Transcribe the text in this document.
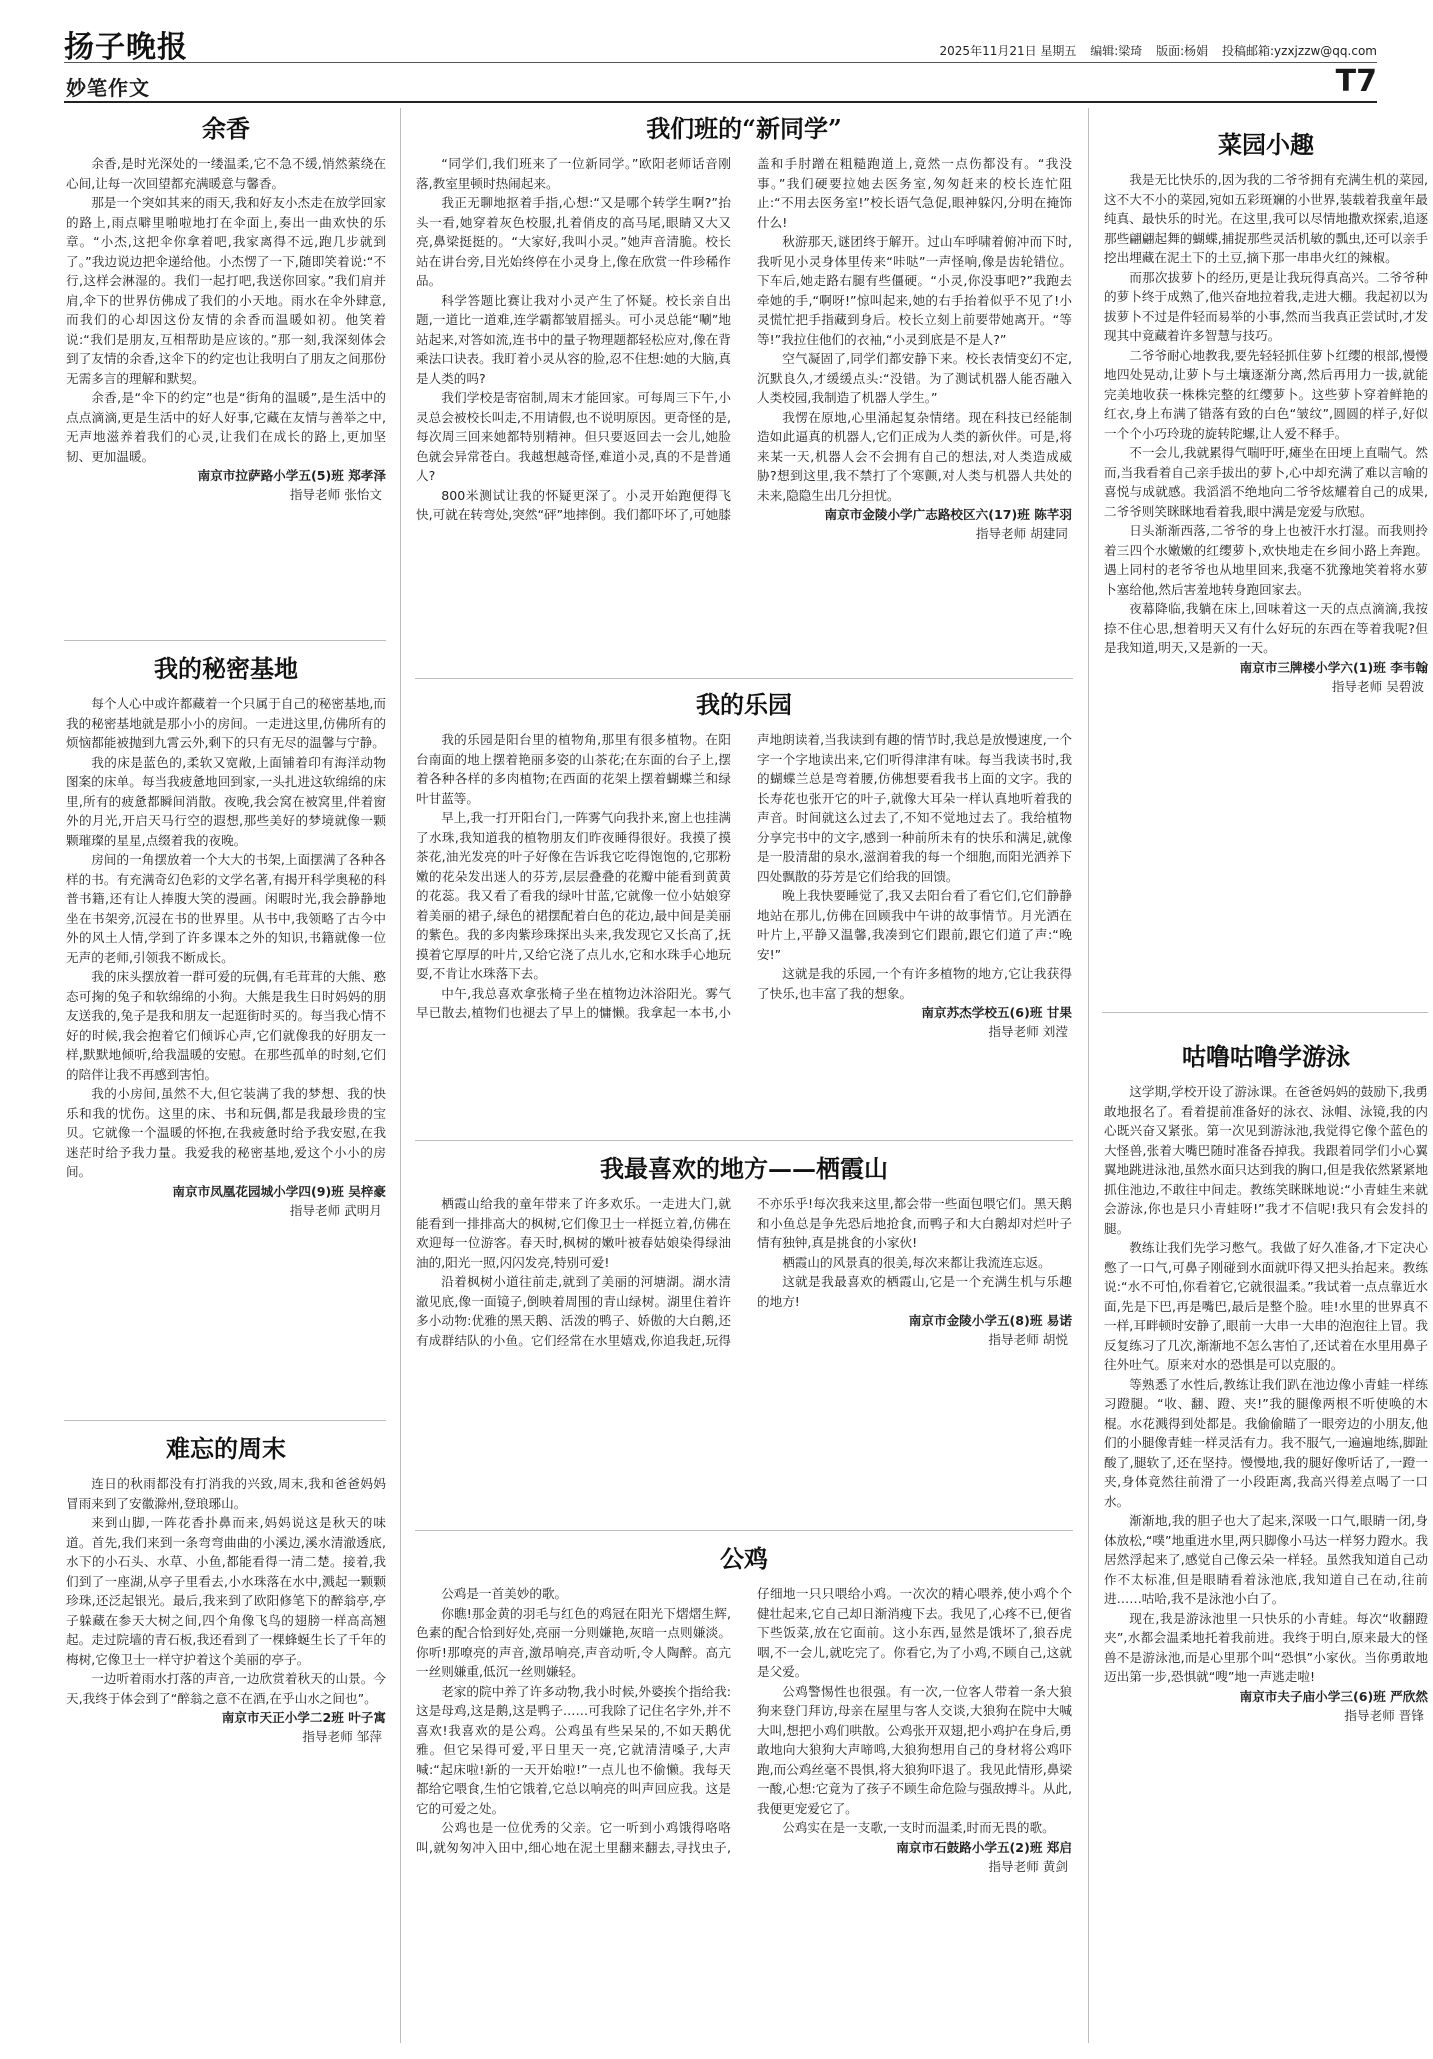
扬子晚报	2025年11月21日 星期五 编辑:梁琦 版面:杨娟 投稿邮箱:yzxjzzw@qq.com
妙笔作文	T7
余香

余香,是时光深处的一缕温柔,它不急不缓,悄然萦绕在心间,让每一次回望都充满暖意与馨香。

那是一个突如其来的雨天,我和好友小杰走在放学回家的路上,雨点噼里啪啦地打在伞面上,奏出一曲欢快的乐章。“小杰,这把伞你拿着吧,我家离得不远,跑几步就到了。”我边说边把伞递给他。小杰愣了一下,随即笑着说:“不行,这样会淋湿的。我们一起打吧,我送你回家。”我们肩并肩,伞下的世界仿佛成了我们的小天地。雨水在伞外肆意,而我们的心却因这份友情的余香而温暖如初。他笑着说:“我们是朋友,互相帮助是应该的。”那一刻,我深刻体会到了友情的余香,这伞下的约定也让我明白了朋友之间那份无需多言的理解和默契。

余香,是“伞下的约定”也是“街角的温暖”,是生活中的点点滴滴,更是生活中的好人好事,它藏在友情与善举之中,无声地滋养着我们的心灵,让我们在成长的路上,更加坚韧、更加温暖。

南京市拉萨路小学五(5)班 郑孝泽
指导老师 张怡文
我的秘密基地

每个人心中或许都藏着一个只属于自己的秘密基地,而我的秘密基地就是那小小的房间。一走进这里,仿佛所有的烦恼都能被抛到九霄云外,剩下的只有无尽的温馨与宁静。

我的床是蓝色的,柔软又宽敞,上面铺着印有海洋动物图案的床单。每当我疲惫地回到家,一头扎进这软绵绵的床里,所有的疲惫都瞬间消散。夜晚,我会窝在被窝里,伴着窗外的月光,开启天马行空的遐想,那些美好的梦境就像一颗颗璀璨的星星,点缀着我的夜晚。

房间的一角摆放着一个大大的书架,上面摆满了各种各样的书。有充满奇幻色彩的文学名著,有揭开科学奥秘的科普书籍,还有让人捧腹大笑的漫画。闲暇时光,我会静静地坐在书架旁,沉浸在书的世界里。从书中,我领略了古今中外的风土人情,学到了许多课本之外的知识,书籍就像一位无声的老师,引领我不断成长。

我的床头摆放着一群可爱的玩偶,有毛茸茸的大熊、憨态可掬的兔子和软绵绵的小狗。大熊是我生日时妈妈的朋友送我的,兔子是我和朋友一起逛街时买的。每当我心情不好的时候,我会抱着它们倾诉心声,它们就像我的好朋友一样,默默地倾听,给我温暖的安慰。在那些孤单的时刻,它们的陪伴让我不再感到害怕。

我的小房间,虽然不大,但它装满了我的梦想、我的快乐和我的忧伤。这里的床、书和玩偶,都是我最珍贵的宝贝。它就像一个温暖的怀抱,在我疲惫时给予我安慰,在我迷茫时给予我力量。我爱我的秘密基地,爱这个小小的房间。

南京市凤凰花园城小学四(9)班 吴梓豪
指导老师 武明月
难忘的周末

连日的秋雨都没有打消我的兴致,周末,我和爸爸妈妈冒雨来到了安徽滁州,登琅琊山。

来到山脚,一阵花香扑鼻而来,妈妈说这是秋天的味道。首先,我们来到一条弯弯曲曲的小溪边,溪水清澈透底,水下的小石头、水草、小鱼,都能看得一清二楚。接着,我们到了一座湖,从亭子里看去,小水珠落在水中,溅起一颗颗珍珠,还泛起银光。最后,我来到了欧阳修笔下的醉翁亭,亭子躲藏在参天大树之间,四个角像飞鸟的翅膀一样高高翘起。走过院墙的青石板,我还看到了一棵蜂蜒生长了千年的梅树,它像卫士一样守护着这个美丽的亭子。

一边听着雨水打落的声音,一边欣赏着秋天的山景。今天,我终于体会到了“醉翁之意不在酒,在乎山水之间也”。

南京市天正小学二2班 叶子寓
指导老师 邹萍
我们班的“新同学”

“同学们,我们班来了一位新同学。”欧阳老师话音刚落,教室里顿时热闹起来。

我正无聊地抠着手指,心想:“又是哪个转学生啊?”抬头一看,她穿着灰色校服,扎着俏皮的高马尾,眼睛又大又亮,鼻梁挺挺的。“大家好,我叫小灵。”她声音清脆。校长站在讲台旁,目光始终停在小灵身上,像在欣赏一件珍稀作品。

科学答题比赛让我对小灵产生了怀疑。校长亲自出题,一道比一道难,连学霸都皱眉摇头。可小灵总能“唰”地站起来,对答如流,连书中的量子物理题都轻松应对,像在背乘法口诀表。我盯着小灵从容的脸,忍不住想:她的大脑,真是人类的吗?

我们学校是寄宿制,周末才能回家。可每周三下午,小灵总会被校长叫走,不用请假,也不说明原因。更奇怪的是,每次周三回来她都特别精神。但只要返回去一会儿,她脸色就会异常苍白。我越想越奇怪,难道小灵,真的不是普通人?

800米测试让我的怀疑更深了。小灵开始跑便得飞快,可就在转弯处,突然“砰”地摔倒。我们都吓坏了,可她膝盖和手肘蹭在粗糙跑道上,竟然一点伤都没有。“我没事。”我们硬要拉她去医务室,匆匆赶来的校长连忙阻止:“不用去医务室!”校长语气急促,眼神躲闪,分明在掩饰什么!

秋游那天,谜团终于解开。过山车呼啸着俯冲而下时,我听见小灵身体里传来“咔哒”一声怪响,像是齿轮错位。下车后,她走路右腿有些僵硬。“小灵,你没事吧?”我跑去牵她的手,“啊呀!”惊叫起来,她的右手抬着似乎不见了!小灵慌忙把手指藏到身后。校长立刻上前要带她离开。“等等!”我拉住他们的衣袖,“小灵到底是不是人?”

空气凝固了,同学们都安静下来。校长表情变幻不定,沉默良久,才缓缓点头:“没错。为了测试机器人能否融入人类校园,我制造了机器人学生。”

我愣在原地,心里涌起复杂情绪。现在科技已经能制造如此逼真的机器人,它们正成为人类的新伙伴。可是,将来某一天,机器人会不会拥有自己的想法,对人类造成威胁?想到这里,我不禁打了个寒颤,对人类与机器人共处的未来,隐隐生出几分担忧。

南京市金陵小学广志路校区六(17)班 陈芊羽
指导老师 胡建同
我的乐园

我的乐园是阳台里的植物角,那里有很多植物。在阳台南面的地上摆着艳丽多姿的山茶花;在东面的台子上,摆着各种各样的多肉植物;在西面的花架上摆着蝴蝶兰和绿叶甘蓝等。

早上,我一打开阳台门,一阵雾气向我扑来,窗上也挂满了水珠,我知道我的植物朋友们昨夜睡得很好。我摸了摸茶花,油光发亮的叶子好像在告诉我它吃得饱饱的,它那粉嫩的花朵发出迷人的芬芳,层层叠叠的花瓣中能看到黄黄的花蕊。我又看了看我的绿叶甘蓝,它就像一位小姑娘穿着美丽的裙子,绿色的裙摆配着白色的花边,最中间是美丽的紫色。我的多肉紫珍珠探出头来,我发现它又长高了,抚摸着它厚厚的叶片,又给它浇了点儿水,它和水珠手心地玩耍,不肯让水珠落下去。

中午,我总喜欢拿张椅子坐在植物边沐浴阳光。雾气早已散去,植物们也褪去了早上的慵懒。我拿起一本书,小声地朗读着,当我读到有趣的情节时,我总是放慢速度,一个字一个字地读出来,它们听得津津有味。每当我读书时,我的蝴蝶兰总是弯着腰,仿佛想要看我书上面的文字。我的长寿花也张开它的叶子,就像大耳朵一样认真地听着我的声音。时间就这么过去了,不知不觉地过去了。我给植物分享完书中的文字,感到一种前所未有的快乐和满足,就像是一股清甜的泉水,滋润着我的每一个细胞,而阳光洒养下四处飘散的芬芳是它们给我的回馈。

晚上我快要睡觉了,我又去阳台看了看它们,它们静静地站在那儿,仿佛在回顾我中午讲的故事情节。月光洒在叶片上,平静又温馨,我凑到它们跟前,跟它们道了声:“晚安!”

这就是我的乐园,一个有许多植物的地方,它让我获得了快乐,也丰富了我的想象。

南京苏杰学校五(6)班 甘果
指导老师 刘滢
我最喜欢的地方——栖霞山

栖霞山给我的童年带来了许多欢乐。一走进大门,就能看到一排排高大的枫树,它们像卫士一样挺立着,仿佛在欢迎每一位游客。春天时,枫树的嫩叶被春姑娘染得绿油油的,阳光一照,闪闪发亮,特别可爱!

沿着枫树小道往前走,就到了美丽的河塘湖。湖水清澈见底,像一面镜子,倒映着周围的青山绿树。湖里住着许多小动物:优雅的黑天鹅、活泼的鸭子、娇傲的大白鹅,还有成群结队的小鱼。它们经常在水里嬉戏,你追我赶,玩得不亦乐乎!每次我来这里,都会带一些面包喂它们。黑天鹅和小鱼总是争先恐后地抢食,而鸭子和大白鹅却对烂叶子情有独钟,真是挑食的小家伙!

栖霞山的风景真的很美,每次来都让我流连忘返。

这就是我最喜欢的栖霞山,它是一个充满生机与乐趣的地方!

南京市金陵小学五(8)班 易诺
指导老师 胡悦
公鸡

公鸡是一首美妙的歌。

你瞧!那金黄的羽毛与红色的鸡冠在阳光下熠熠生辉,色素的配合恰到好处,亮丽一分则嫌艳,灰暗一点则嫌淡。你听!那嘹亮的声音,激昂响亮,声音动听,令人陶醉。高亢一丝则嫌重,低沉一丝则嫌轻。

老家的院中养了许多动物,我小时候,外婆挨个指给我:这是母鸡,这是鹅,这是鸭子……可我除了记住名字外,并不喜欢!我喜欢的是公鸡。公鸡虽有些呆呆的,不如天鹅优雅。但它呆得可爱,平日里天一亮,它就清清嗓子,大声喊:“起床啦!新的一天开始啦!”一点儿也不偷懒。我每天都给它喂食,生怕它饿着,它总以响亮的叫声回应我。这是它的可爱之处。

公鸡也是一位优秀的父亲。它一听到小鸡饿得咯咯叫,就匆匆冲入田中,细心地在泥土里翻来翻去,寻找虫子,仔细地一只只喂给小鸡。一次次的精心喂养,使小鸡个个健壮起来,它自己却日渐消瘦下去。我见了,心疼不已,便省下些饭菜,放在它面前。这小东西,显然是饿坏了,狼吞虎咽,不一会儿,就吃完了。你看它,为了小鸡,不顾自己,这就是父爱。

公鸡警惕性也很强。有一次,一位客人带着一条大狼狗来登门拜访,母亲在屋里与客人交谈,大狼狗在院中大喊大叫,想把小鸡们哄散。公鸡张开双翅,把小鸡护在身后,勇敢地向大狼狗大声啼鸣,大狼狗想用自己的身材将公鸡吓跑,而公鸡丝毫不畏惧,将大狼狗吓退了。我见此情形,鼻梁一酸,心想:它竟为了孩子不顾生命危险与强敌搏斗。从此,我便更宠爱它了。

公鸡实在是一支歌,一支时而温柔,时而无畏的歌。

南京市石鼓路小学五(2)班 郑启
指导老师 黄剑
菜园小趣

我是无比快乐的,因为我的二爷爷拥有充满生机的菜园,这不大不小的菜园,宛如五彩斑斓的小世界,装载着我童年最纯真、最快乐的时光。在这里,我可以尽情地撒欢探索,追逐那些翩翩起舞的蝴蝶,捕捉那些灵活机敏的瓢虫,还可以亲手挖出埋藏在泥土下的土豆,摘下那一串串火红的辣椒。

而那次拔萝卜的经历,更是让我玩得真高兴。二爷爷种的萝卜终于成熟了,他兴奋地拉着我,走进大棚。我起初以为拔萝卜不过是件轻而易举的小事,然而当我真正尝试时,才发现其中竟藏着许多智慧与技巧。

二爷爷耐心地教我,要先轻轻抓住萝卜红缨的根部,慢慢地四处晃动,让萝卜与土壤逐渐分离,然后再用力一拔,就能完美地收获一株株完整的红缨萝卜。这些萝卜穿着鲜艳的红衣,身上布满了错落有致的白色“皱纹”,圆圆的样子,好似一个个小巧玲珑的旋转陀螺,让人爱不释手。

不一会儿,我就累得气喘吁吁,瘫坐在田埂上直喘气。然而,当我看着自己亲手拔出的萝卜,心中却充满了难以言喻的喜悦与成就感。我滔滔不绝地向二爷爷炫耀着自己的成果,二爷爷则笑眯眯地看着我,眼中满是宠爱与欣慰。

日头渐渐西落,二爷爷的身上也被汗水打湿。而我则拎着三四个水嫩嫩的红缨萝卜,欢快地走在乡间小路上奔跑。遇上同村的老爷爷也从地里回来,我毫不犹豫地笑着将水萝卜塞给他,然后害羞地转身跑回家去。

夜幕降临,我躺在床上,回味着这一天的点点滴滴,我按捺不住心思,想着明天又有什么好玩的东西在等着我呢?但是我知道,明天,又是新的一天。

南京市三牌楼小学六(1)班 李韦翰
指导老师 吴碧波
咕噜咕噜学游泳

这学期,学校开设了游泳课。在爸爸妈妈的鼓励下,我勇敢地报名了。看着提前准备好的泳衣、泳帽、泳镜,我的内心既兴奋又紧张。第一次见到游泳池,我觉得它像个蓝色的大怪兽,张着大嘴巴随时准备吞掉我。我跟着同学们小心翼翼地跳进泳池,虽然水面只达到我的胸口,但是我依然紧紧地抓住池边,不敢往中间走。教练笑眯眯地说:“小青蛙生来就会游泳,你也是只小青蛙呀!”我才不信呢!我只有会发抖的腿。

教练让我们先学习憋气。我做了好久准备,才下定决心憋了一口气,可鼻子刚碰到水面就吓得又把头抬起来。教练说:“水不可怕,你看着它,它就很温柔。”我试着一点点靠近水面,先是下巴,再是嘴巴,最后是整个脸。哇!水里的世界真不一样,耳畔顿时安静了,眼前一大串一大串的泡泡往上冒。我反复练习了几次,渐渐地不怎么害怕了,还试着在水里用鼻子往外吐气。原来对水的恐惧是可以克服的。

等熟悉了水性后,教练让我们趴在池边像小青蛙一样练习蹬腿。“收、翻、蹬、夹!”我的腿像两根不听使唤的木棍。水花溅得到处都是。我偷偷瞄了一眼旁边的小朋友,他们的小腿像青蛙一样灵活有力。我不服气,一遍遍地练,脚趾酸了,腿软了,还在坚持。慢慢地,我的腿好像听话了,一蹬一夹,身体竟然往前滑了一小段距离,我高兴得差点喝了一口水。

渐渐地,我的胆子也大了起来,深吸一口气,眼睛一闭,身体放松,“噗”地重进水里,两只脚像小马达一样努力蹬水。我居然浮起来了,感觉自己像云朵一样轻。虽然我知道自己动作不太标准,但是眼睛看着泳池底,我知道自己在动,往前进……咕哈,我不是泳池小白了。

现在,我是游泳池里一只快乐的小青蛙。每次“收翻蹬夹”,水都会温柔地托着我前进。我终于明白,原来最大的怪兽不是游泳池,而是心里那个叫“恐惧”小家伙。当你勇敢地迈出第一步,恐惧就“嗖”地一声逃走啦!

南京市夫子庙小学三(6)班 严欣然
指导老师 晋锋
